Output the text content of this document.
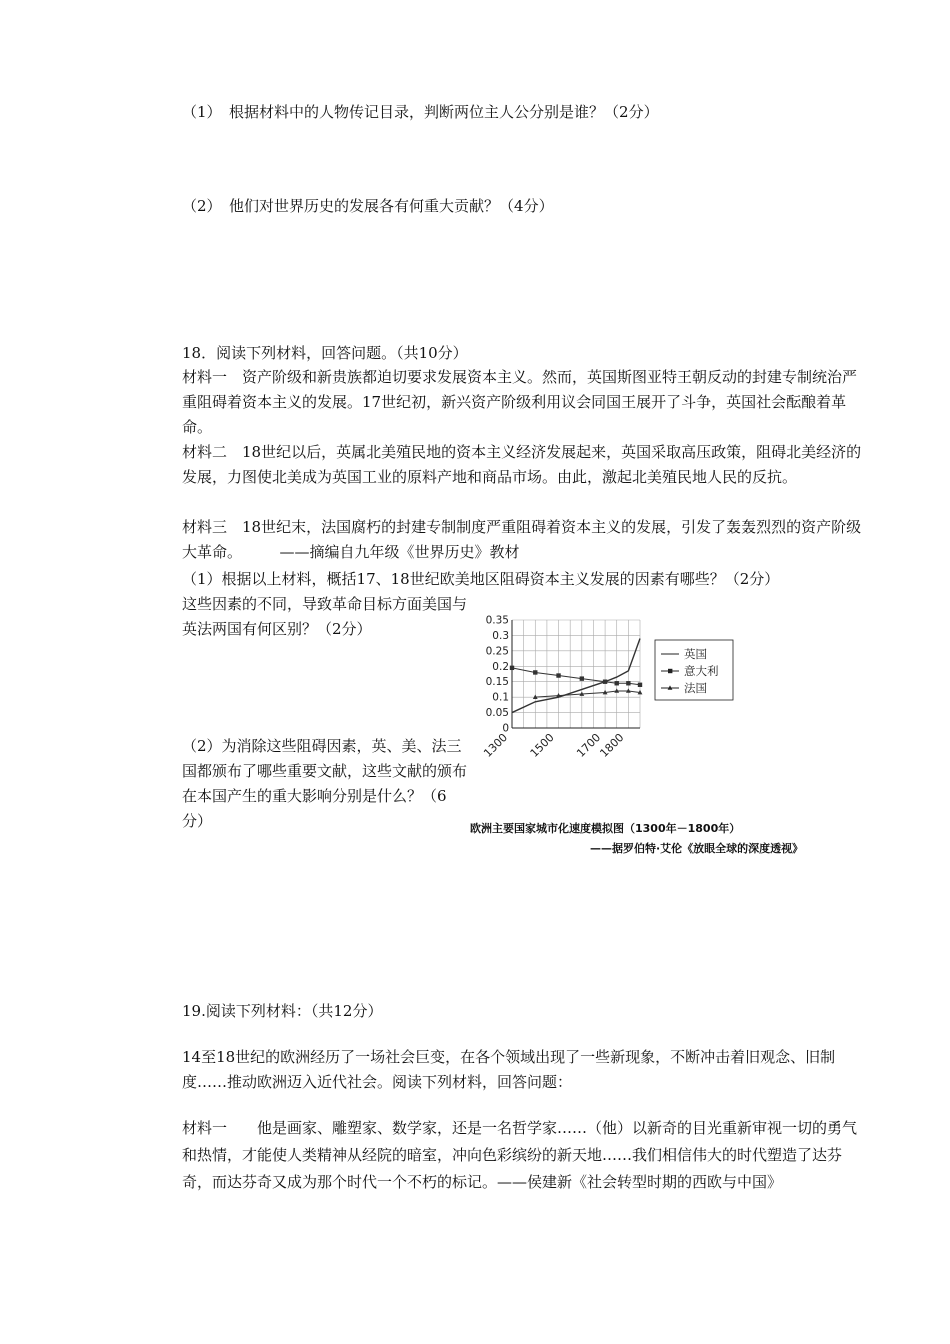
（1）　根据材料中的人物传记目录，判断两位主人公分别是谁？（2分）
（2）　他们对世界历史的发展各有何重大贡献？（4分）
18．阅读下列材料，回答问题。（共10分）
材料一　资产阶级和新贵族都迫切要求发展资本主义。然而，英国斯图亚特王朝反动的封建专制统治严重阻碍着资本主义的发展。17世纪初，新兴资产阶级利用议会同国王展开了斗争，英国社会酝酿着革命。
材料二　18世纪以后，英属北美殖民地的资本主义经济发展起来，英国采取高压政策，阻碍北美经济的发展，力图使北美成为英国工业的原料产地和商品市场。由此，激起北美殖民地人民的反抗。
材料三　18世纪末，法国腐朽的封建专制制度严重阻碍着资本主义的发展，引发了轰轰烈烈的资产阶级大革命。　　　——摘编自九年级《世界历史》教材
（1）根据以上材料，概括17、18世纪欧美地区阻碍资本主义发展的因素有哪些？（2分）
这些因素的不同，导致革命目标方面美国与英法两国有何区别？（2分）
（2）为消除这些阻碍因素，英、美、法三国都颁布了哪些重要文献，这些文献的颁布在本国产生的重大影响分别是什么？（6分）
0
0.05
0.1
0.15
0.2
0.25
0.3
0.35
1300 1500 1700
1800
英国
意大利
法国
欧洲主要国家城市化速度模拟图（1300年－1800年）
——据罗伯特·艾伦《放眼全球的深度透视》
19.阅读下列材料：（共12分）
14至18世纪的欧洲经历了一场社会巨变，在各个领域出现了一些新现象，不断冲击着旧观念、旧制度……推动欧洲迈入近代社会。阅读下列材料，回答问题：
材料一　　他是画家、雕塑家、数学家，还是一名哲学家……（他）以新奇的目光重新审视一切的勇气和热情，才能使人类精神从经院的暗室，冲向色彩缤纷的新天地……我们相信伟大的时代塑造了达芬奇，而达芬奇又成为那个时代一个不朽的标记。——侯建新《社会转型时期的西欧与中国》
